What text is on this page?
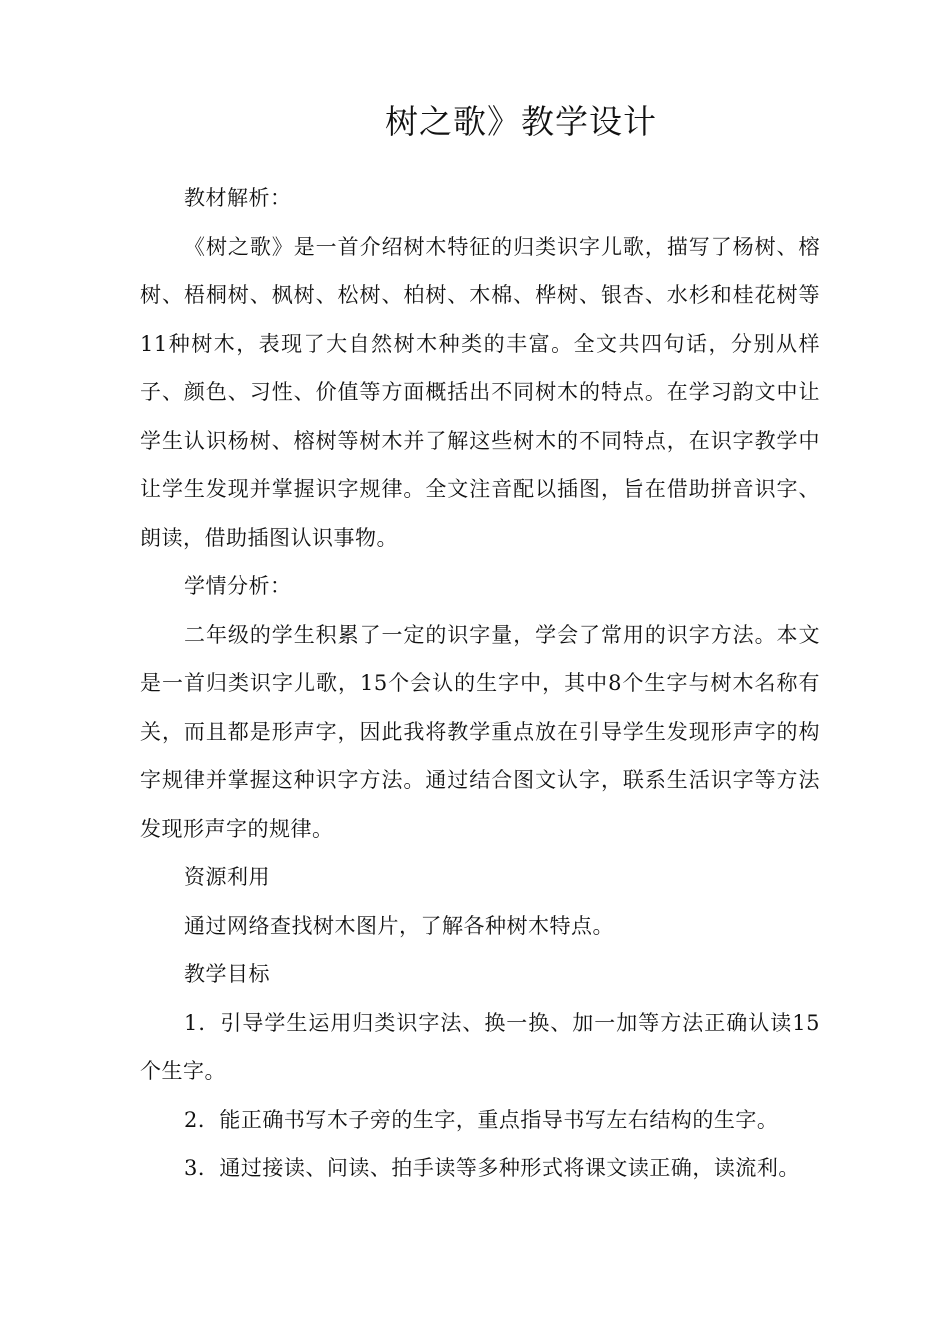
树之歌》教学设计

教材解析：

《树之歌》是一首介绍树木特征的归类识字儿歌，描写了杨树、榕树、梧桐树、枫树、松树、柏树、木棉、桦树、银杏、水杉和桂花树等11种树木，表现了大自然树木种类的丰富。全文共四句话，分别从样子、颜色、习性、价值等方面概括出不同树木的特点。在学习韵文中让学生认识杨树、榕树等树木并了解这些树木的不同特点，在识字教学中让学生发现并掌握识字规律。全文注音配以插图，旨在借助拼音识字、朗读，借助插图认识事物。

学情分析：

二年级的学生积累了一定的识字量，学会了常用的识字方法。本文是一首归类识字儿歌，15个会认的生字中，其中8个生字与树木名称有关，而且都是形声字，因此我将教学重点放在引导学生发现形声字的构字规律并掌握这种识字方法。通过结合图文认字，联系生活识字等方法发现形声字的规律。

资源利用

通过网络查找树木图片，了解各种树木特点。

教学目标

1．引导学生运用归类识字法、换一换、加一加等方法正确认读15个生字。

2．能正确书写木子旁的生字，重点指导书写左右结构的生字。

3．通过接读、问读、拍手读等多种形式将课文读正确，读流利。
